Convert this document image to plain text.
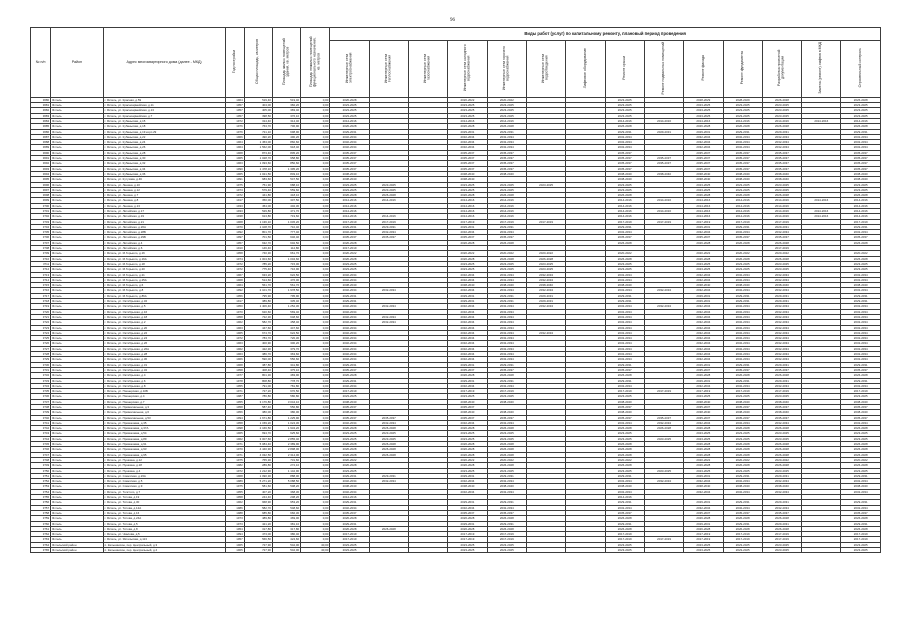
96
№ п/п	Район	Адрес многоквартирного дома (далее - МКД)	Год постройки	Общая площадь, кв.метров	Площадь жилых помещений здания, кв. метров	Площадь нежилых помещений функционального назначения, кв. метров	Виды работ (услуг) по капитальному ремонту, плановый период проведения													
							Инженерные сети электроснабжения	Инженерные сети теплоснабжения	Инженерные сети газоснабжения	Инженерные сети холодного водоснабжения	Инженерные сети горячего водоснабжения	Инженерные сети водоотведения	Лифтовое оборудование	Ремонт крыши	Ремонт подвальных помещений	Ремонт фасада	Ремонт фундамента	Разработка проектной документации	Замена (ремонт) лифтов в МКД	Строительный контроль
3680	Яхтель	г. Яхтель, ул. Красная, д.59	1964	519,40	519,40	0,00	2026-2028			2020-2022	2020-2022			2023-2025		2028-2029	2028-2029	2026-2028		2026-2028
3681	Яхтель	г. Яхтель, ул. Красноармейская, д.11	1957	404,00	382,20	0,00	2023-2025			2023-2025	2023-2025			2023-2025		2023-2025	2023-2025	2023-2025		2023-2025
3682	Яхтель	г. Яхтель, ул. Красноармейская, д.13	1957	405,00	383,40	0,00	2023-2025			2023-2025	2023-2025			2023-2025		2023-2025	2023-2025	2023-2025		2023-2025
3683	Яхтель	г. Яхтель, ул. Красноармейская, д.7	1957	398,50	376,10	0,00	2023-2025			2023-2025	2023-2025			2023-2025		2023-2025	2023-2025	2023-2025		2023-2025
3684	Яхтель	г. Яхтель, ул. Кубаньская, д.15	1972	314,40	314,40	0,00	2014-2016			2014-2016	2014-2016			2014-2016	2014-2016	2014-2016	2014-2016	2014-2016	2014-2016	2014-2016
3685	Яхтель	г. Яхтель, ул. Кубаньская, д.18	1976	763,70	706,90	0,00	2026-2028			2026-2028	2026-2028			2026-2028		2026-2028	2026-2028	2026-2028		2026-2028
3686	Яхтель	г. Яхтель, ул. Кубаньская, д.19 корп.29	1976	721,10	698,90	0,00	2029-2031			2029-2031	2029-2031			2029-2031	2029-2031	2029-2031	2029-2031	2029-2031		2029-2031
3687	Яхтель	г. Яхтель, ул. Кубаньская, д.22	1966	490,20	490,20	0,00	2032-2034			2032-2034	2032-2034			2032-2034		2032-2034	2032-2034	2032-2034		2032-2034
3688	Яхтель	г. Яхтель, ул. Кубаньская, д.24	1964	1 453,00	860,60	0,00	2032-2034			2032-2034	2032-2034			2032-2034		2032-2034	2032-2034	2032-2034		2032-2034
3689	Яхтель	г. Яхтель, ул. Кубаньская, д.26	1964	1 562,00	918,40	0,00	2032-2034			2032-2034	2032-2034			2032-2034		2032-2034	2032-2034	2032-2034		2032-2034
3690	Яхтель	г. Яхтель, ул. Кубаньская, д.28	1968	873,40	805,20	0,00	2035-2037			2035-2037	2035-2037			2035-2037		2035-2037	2035-2037	2035-2037		2035-2037
3691	Яхтель	г. Яхтель, ул. Кубаньская, д.30	1965	1 028,70	958,80	0,00	2035-2037			2035-2037	2035-2037			2035-2037	2035-2037	2035-2037	2035-2037	2035-2037		2035-2037
3692	Яхтель	г. Яхтель, ул. Кубаньская, д.32	1963	1 093,60	850,60	0,00	2035-2037			2035-2037	2035-2037			2035-2037	2035-2037	2035-2037	2035-2037	2035-2037		2035-2037
3693	Яхтель	г. Яхтель, ул. Кубаньская, д.34	1990	1 478,10	1 395,20	0,00	2035-2037			2035-2037	2035-2037			2035-2037		2035-2037	2035-2037	2035-2037		2035-2037
3694	Яхтель	г. Яхтель, ул. Кубаньская, д.36	1965	1 021,50	849,10	0,00	2038-2040			2038-2040	2038-2040			2038-2040	2038-2040	2038-2040	2038-2040	2038-2040		2038-2040
3695	Яхтель	г. Яхтель, ул. Кутузова, д.46	1991	683,60	547,50	0,00	2038-2040			2038-2040				2038-2040		2038-2040	2038-2040	2038-2040		2038-2040
3696	Яхтель	г. Яхтель, ул. Ленина, д.10	1975	751,90	688,10	0,00	2023-2025	2023-2025		2023-2025	2023-2025	2023-2025		2023-2025		2023-2025	2023-2025	2023-2025		2023-2025
3697	Яхтель	г. Яхтель, ул. Ленина, д.12	1973	579,40	559,60	0,00	2023-2025	2023-2025		2023-2025	2023-2025			2023-2025		2023-2025	2023-2025	2023-2025		2023-2025
3698	Яхтель	г. Яхтель, ул. Ленина, д.7	1972	441,80	418,10	0,00	2026-2028	2026-2028		2026-2028	2026-2028			2026-2028		2026-2028	2026-2028	2026-2028		2026-2028
3699	Яхтель	г. Яхтель, ул. Ленина, д.8	1917	350,00	307,50	0,00	2014-2016	2014-2016		2014-2016	2014-2016			2014-2016	2014-2016	2014-2016	2014-2016	2014-2016	2014-2016	2014-2016
3700	Яхтель	г. Яхтель, ул. Ленина, д.13	1933	454,00	402,30	0,00	2014-2016			2014-2016	2014-2016			2014-2016		2014-2016	2014-2016	2014-2016		2014-2016
3701	Яхтель	г. Яхтель, ул. Литейская, д.17	1933	529,80	471,70	0,00	2014-2016			2014-2016	2014-2016			2014-2016	2014-2016	2014-2016	2014-2016	2014-2016	2014-2016	2014-2016
3702	Яхтель	г. Яхтель, ул. Литейская, д.19	1938	913,80	719,60	0,00	2014-2016	2014-2016		2014-2016	2014-2016			2014-2016		2014-2016	2014-2016	2014-2016	2014-2016	2014-2016
3703	Яхтель	г. Яхтель, ул. Литейская, д.21	1968	1 136,10	1 045,20	0,00	2017-2019	2017-2019		2017-2019	2017-2019	2017-2019		2017-2019	2017-2019	2017-2019	2017-2019	2017-2019		2017-2019
3704	Яхтель	г. Яхтель, ул. Литейская, д.26А	1970	1 108,70	710,40	0,00	2029-2031	2029-2031		2029-2031	2029-2031			2029-2031		2029-2031	2029-2031	2029-2031		2029-2031
3705	Яхтель	г. Яхтель, ул. Литейская, д.28Б	1992	801,70	777,40	0,00	2032-2034	2032-2034		2032-2034	2032-2034			2032-2034		2032-2034	2032-2034	2032-2034		2032-2034
3706	Яхтель	г. Яхтель, ул. Литейская, д.29Б	1997	701,50	646,40	0,00	2035-2037	2035-2037		2035-2037	2035-2037			2035-2037		2035-2037	2035-2037	2035-2037		2035-2037
3707	Яхтель	г. Яхтель, ул. Литейская, д.4	1957	632,70	602,50	0,00	2026-2028			2026-2028	2026-2028			2026-2028		2026-2028	2026-2028	2026-2028		2026-2028
3708	Яхтель	г. Яхтель, ул. Литейская, д.6	1910	146,40	112,80	0,00	2017-2019											2017-2019		
3709	Яхтель	г. Яхтель, ул. М.Горького, д.16	1958	740,30	661,70	0,00	2020-2022			2020-2022	2020-2022	2020-2022		2020-2022		2020-2022	2020-2022	2020-2022		2020-2022
3710	Яхтель	г. Яхтель, ул. М.Горького, д.16А	1974	1 004,60	1 004,60	0,00	2026-2028			2026-2028	2026-2028	2026-2028		2026-2028		2026-2028	2026-2028	2026-2028		2026-2028
3711	Яхтель	г. Яхтель, ул. М.Горького, д.18	1972	785,20	715,00	0,00	2023-2025			2023-2025	2023-2025	2023-2025		2023-2025		2023-2025	2023-2025	2023-2025		2023-2025
3712	Яхтель	г. Яхтель, ул. М.Горького, д.20	1972	775,40	716,90	0,00	2023-2025			2023-2025	2023-2025	2023-2025		2023-2025		2023-2025	2023-2025	2023-2025		2023-2025
3713	Яхтель	г. Яхтель, ул. М.Горького, д.21	1967	633,20	622,50	0,00	2032-2034			2032-2034	2032-2034	2032-2034		2032-2034		2032-2034	2032-2034	2032-2034		2032-2034
3714	Яхтель	г. Яхтель, ул. М.Горького, д.25А	1968	514,60	476,00	0,00	2032-2034			2032-2034	2032-2034	2032-2034		2032-2034		2032-2034	2032-2034	2032-2034		2032-2034
3715	Яхтель	г. Яхтель, ул. М.Горького, д.6	1964	561,70	561,70	0,00	2038-2040			2038-2040	2038-2040	2038-2040		2038-2040		2038-2040	2038-2040	2038-2040		2038-2040
3716	Яхтель	г. Яхтель, ул. М.Горького, д.8	1992	2 101,70	1 978,50	0,00	2032-2034	2032-2034		2032-2034	2032-2034	2032-2034		2032-2034	2032-2034	2032-2034	2032-2034	2032-2034		2032-2034
3717	Яхтель	г. Яхтель, ул. М.Горького, д.86А	1956	795,90	795,90	0,00	2029-2031			2029-2031	2029-2031	2029-2031		2029-2031		2029-2031	2029-2031	2029-2031		2029-2031
3718	Яхтель	г. Яхтель, ул. Октябрьская, д.32	1917	389,80	335,40	0,00	2029-2031			2029-2031	2029-2031	2029-2031		2029-2031		2029-2031	2029-2031	2029-2031		2029-2031
3719	Яхтель	г. Яхтель, ул. Октябрьская, д.5	1950	1 406,40	1 252,30	0,00	2032-2034	2032-2034		2032-2034	2032-2034	2032-2034		2032-2034	2032-2034	2032-2034	2032-2034	2032-2034		2032-2034
3720	Яхтель	г. Яхтель, ул. Октябрьская, д.16	1970	620,60	569,40	0,00	2032-2034			2032-2034	2032-2034			2032-2034		2032-2034	2032-2034	2032-2034		2032-2034
3721	Яхтель	г. Яхтель, ул. Октябрьская, д.18	1958	722,30	648,60	0,00	2032-2034	2032-2034		2032-2034	2032-2034			2032-2034		2032-2034	2032-2034	2032-2034		2032-2034
3722	Яхтель	г. Яхтель, ул. Октябрьская, д.2	1962	582,70	458,40	0,00	2032-2034	2032-2034		2032-2034	2032-2034			2032-2034		2032-2034	2032-2034	2032-2034		2032-2034
3723	Яхтель	г. Яхтель, ул. Октябрьская, д.20	1963	447,60	447,60	0,00	2032-2034			2032-2034	2032-2034			2032-2034		2032-2034	2032-2034	2032-2034		2032-2034
3724	Яхтель	г. Яхтель, ул. Октябрьская, д.22	1965	674,70	622,50	0,00	2032-2034			2032-2034	2032-2034	2032-2034		2032-2034		2032-2034	2032-2034	2032-2034		2032-2034
3725	Яхтель	г. Яхтель, ул. Октябрьская, д.24	1972	783,70	720,30	0,00	2032-2034			2032-2034	2032-2034			2032-2034		2032-2034	2032-2034	2032-2034		2032-2034
3726	Яхтель	г. Яхтель, ул. Октябрьская, д.26	1963	400,90	300,20	0,00	2032-2034			2032-2034	2032-2034			2032-2034		2032-2034	2032-2034	2032-2034		2032-2034
3727	Яхтель	г. Яхтель, ул. Октябрьская, д.26А	1962	422,30	379,70	0,00	2032-2034			2032-2034	2032-2034			2032-2034		2032-2034	2032-2034	2032-2034		2032-2034
3728	Яхтель	г. Яхтель, ул. Октябрьская, д.28	1963	386,70	363,60	0,00	2032-2034			2032-2034	2032-2034			2032-2034		2032-2034	2032-2034	2032-2034		2032-2034
3729	Яхтель	г. Яхтель, ул. Октябрьская, д.30	1966	590,00	556,60	0,00	2032-2034			2032-2034	2032-2034			2032-2034		2032-2034	2032-2034	2032-2034		2032-2034
3730	Яхтель	г. Яхтель, ул. Октябрьская, д.31	1968	387,80	341,80	0,00	2029-2031			2029-2031	2029-2031			2029-2031		2029-2031	2029-2031	2029-2031		2029-2031
3731	Яхтель	г. Яхтель, ул. Октябрьская, д.32	1958	408,40	375,10	0,00	2035-2037			2035-2037	2035-2037			2035-2037		2035-2037	2035-2037	2035-2037		2035-2037
3732	Яхтель	г. Яхтель, ул. Октябрьская, д.4	1977	801,30	483,90	0,00	2026-2028			2026-2028	2026-2028			2026-2028		2026-2028	2026-2028	2026-2028		2026-2028
3733	Яхтель	г. Яхтель, ул. Октябрьская, д.6	1978	808,80	778,70	0,00	2029-2031			2029-2031	2029-2031			2029-2031		2029-2031	2029-2031	2029-2031		2029-2031
3734	Яхтель	г. Яхтель, ул. Октябрьская, д.8	1955	791,00	781,80	0,00	2032-2034			2032-2034	2032-2034			2032-2034		2032-2034	2032-2034	2032-2034		2032-2034
3735	Яхтель	г. Яхтель, ул. Пионерская, д.10Б	1971	727,20	670,50	0,00	2017-2019			2017-2019	2017-2019			2017-2019	2017-2019	2017-2019	2017-2019	2017-2019		2017-2019
3736	Яхтель	г. Яхтель, ул. Пионерская, д.4	1987	786,80	580,80	0,00	2023-2025			2023-2025	2023-2025			2023-2025		2023-2025	2023-2025	2023-2025		2023-2025
3737	Яхтель	г. Яхтель, ул. Пионерская, д.7	1955	3 176,80	3 044,10	0,00	2038-2040			2038-2040	2038-2040			2038-2040		2038-2040	2038-2040	2038-2040		2038-2040
3738	Яхтель	г. Яхтель, ул. Привокзальная, д.3	1958	587,40	556,80	0,00	2035-2037			2035-2037				2035-2037		2035-2037	2035-2037	2035-2037		2035-2037
3739	Яхтель	г. Яхтель, ул. Привокзальная, д.6	1956	380,00	380,00	0,00	2038-2040			2038-2040	2038-2040			2038-2040		2038-2040	2038-2040	2038-2040		2038-2040
3740	Яхтель	г. Яхтель, ул. Привокзальная, д.53	1994	1 671,80	1 225,90	0,00	2035-2037	2035-2037		2035-2037	2035-2037			2035-2037	2035-2037	2035-2037	2035-2037	2035-2037		2035-2037
3741	Яхтель	г. Яхтель, ул. Примоковая, д.35	1958	1 159,20	1 024,30	0,00	2032-2034	2032-2034		2032-2034	2032-2034			2032-2034	2032-2034	2032-2034	2032-2034	2032-2034		2032-2034
3742	Яхтель	г. Яхтель, ул. Примоковая, д.37А	1998	2 166,50	1 934,20	0,00	2026-2028	2026-2028		2026-2028	2026-2028			2026-2028	2026-2028	2026-2028	2026-2028	2026-2028		2026-2028
3743	Яхтель	г. Яхтель, ул. Примоковая, д.54	1965	694,70	625,60	0,00	2023-2025	2023-2025		2023-2025	2023-2025			2023-2025		2023-2025	2023-2025	2023-2025		2023-2025
3744	Яхтель	г. Яхтель, ул. Примоковая, д.89	1962	3 007,60	2 855,40	0,00	2023-2025	2023-2025		2023-2025	2023-2025			2023-2025	2023-2025	2023-2025	2023-2025	2023-2025		2023-2025
3745	Яхтель	г. Яхтель, ул. Примоковая, д.91	1971	5 084,40	2 389,90	0,00	2026-2028	2026-2028		2026-2028	2026-2028			2026-2028		2026-2028	2026-2028	2026-2028		2026-2028
3746	Яхтель	г. Яхтель, ул. Примоковая, д.93	1970	4 440,90	2 898,00	0,00	2026-2028	2026-2028		2026-2028	2026-2028			2026-2028		2026-2028	2026-2028	2026-2028		2026-2028
3747	Яхтель	г. Яхтель, ул. Примоковая, д.95	1971	4 032,50	2 314,00	0,00	2026-2028	2026-2028		2026-2028	2026-2028			2026-2028		2026-2028	2026-2028	2026-2028		2026-2028
3748	Яхтель	г. Яхтель, ул. Пушкина, д.12	1975	765,30	731,60	0,00	2020-2022			2020-2022	2020-2022			2020-2022		2020-2022	2020-2022	2020-2022		2020-2022
3749	Яхтель	г. Яхтель, ул. Пушкина, д.18	1982	289,80	272,10	0,00	2026-2028			2026-2028	2026-2028			2026-2028		2026-2028	2026-2028	2026-2028		2026-2028
3750	Яхтель	г. Яхтель, ул. Пушкина, д.4	1972	1 212,90	1 142,90	0,00	2023-2025			2023-2025	2023-2025			2023-2025	2023-2025	2023-2025	2023-2025	2023-2025		2023-2025
3751	Яхтель	г. Яхтель, ул. Советская, д.23А	1968	1 090,30	888,00	0,00	2029-2031	2029-2031		2029-2031	2029-2031			2029-2031		2029-2031	2029-2031	2029-2031		2029-2031
3752	Яхтель	г. Яхтель, ул. Советская, д.5	1989	5 271,20	5 088,50	0,00	2032-2034	2032-2034		2032-2034	2032-2034			2032-2034	2032-2034	2032-2034	2032-2034	2032-2034		2032-2034
3753	Яхтель	г. Яхтель, ул. Советская, д.9	1975	581,60	508,20	0,00	2038-2040			2038-2040	2038-2040			2038-2040		2038-2040	2038-2040	2038-2040		2038-2040
3754	Яхтель	г. Яхтель, ул. Толстого, д.7	1955	407,20	368,30	0,00	2032-2034			2032-2034	2032-2034			2032-2034		2032-2034	2032-2034	2032-2034		2032-2034
3755	Яхтель	г. Яхтель, ул. Титова, д.19	1958	244,40	208,20	0,00	2014-2016							2014-2016						
3756	Яхтель	г. Яхтель, ул. Титова, д.30	1962	968,90	953,20	0,00	2029-2031			2029-2031	2029-2031			2029-2031		2029-2031	2029-2031	2029-2031		2029-2031
3757	Яхтель	г. Яхтель, ул. Титова, д.12А	1986	582,70	548,60	0,00	2032-2034			2032-2034	2032-2034			2032-2034		2032-2034	2032-2034	2032-2034		2032-2034
3758	Яхтель	г. Яхтель, ул. Титова, д.16	1988	685,80	666,30	0,00	2035-2037			2035-2037	2035-2037			2035-2037		2035-2037	2035-2037	2035-2037		2035-2037
3759	Яхтель	г. Яхтель, ул. Титова, д.24А	1973	489,80	469,00	0,00	2026-2028			2026-2028	2026-2028			2026-2028		2026-2028	2026-2028	2026-2028		2026-2028
3760	Яхтель	г. Яхтель, ул. Титова, д.5	1973	421,20	381,10	0,00	2029-2031			2029-2031	2029-2031			2029-2031		2029-2031	2029-2031	2029-2031		2029-2031
3761	Яхтель	г. Яхтель, ул. Титова, д.8	1954	317,80	317,80	0,00	2026-2028	2026-2028		2026-2028	2026-2028			2026-2028		2026-2028	2026-2028	2026-2028		2026-2028
3762	Яхтель	г. Яхтель, ул. Чкалова, д.5	1994	473,00	380,40	0,00	2017-2019			2017-2019	2017-2019			2017-2019		2017-2019	2017-2019	2017-2019		2017-2019
3763	Яхтель	г. Яхтель, ул. Яхтельская, д.113	1957	566,50	424,60	0,00	2017-2019			2017-2019	2017-2019			2017-2019	2017-2019	2017-2019	2017-2019	2017-2019		2017-2019
3764	Яхтельский район	п. Кальнинское, пер. Центральный, д.3	1965	727,90	542,00	40,00	2023-2025			2023-2025	2023-2025			2023-2025		2023-2025	2023-2025	2023-2025		2023-2025
3765	Яхтельский район	п. Кальнинское, пер. Центральный, д.4	1965	727,90	542,00	40,00	2023-2025			2023-2025	2023-2025			2023-2025		2023-2025	2023-2025	2023-2025		2023-2025
